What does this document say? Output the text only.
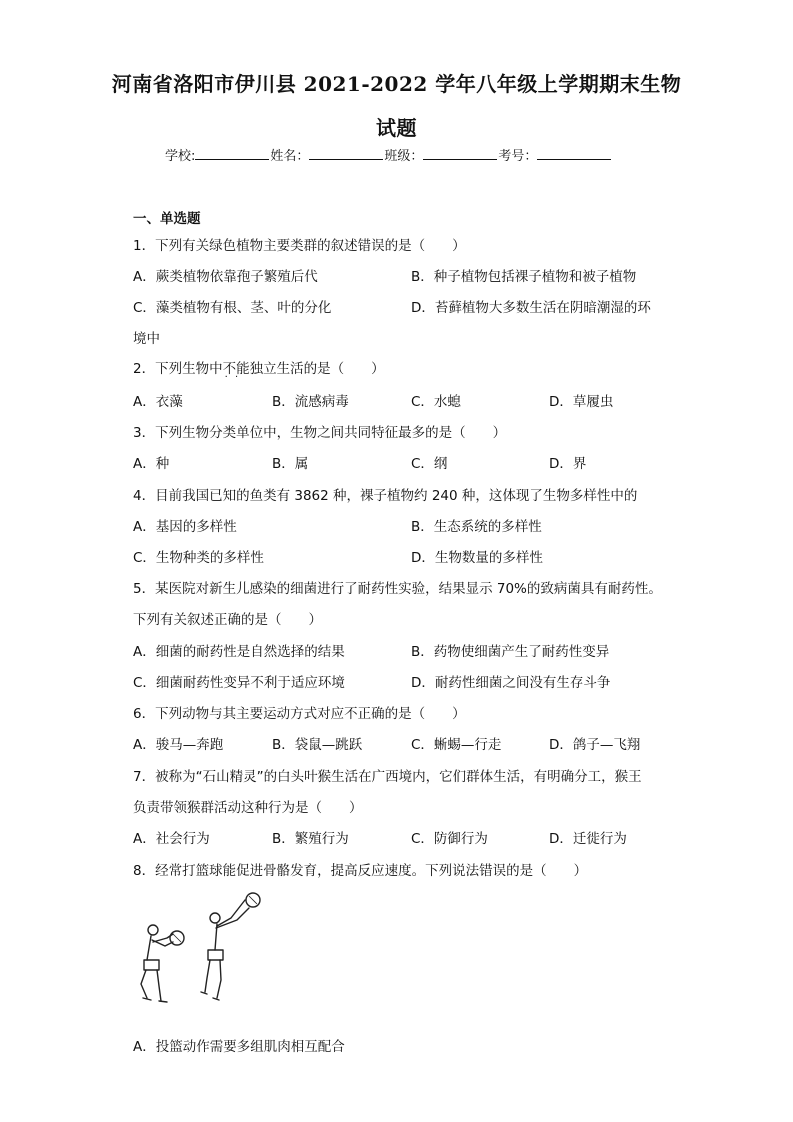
河南省洛阳市伊川县 2021-2022 学年八年级上学期期末生物
试题
学校:	姓名：	班级：	考号：
一、单选题
1．下列有关绿色植物主要类群的叙述错误的是（　　）
A．蕨类植物依靠孢子繁殖后代	B．种子植物包括裸子植物和被子植物
C．藻类植物有根、茎、叶的分化	D．苔藓植物大多数生活在阴暗潮湿的环
境中
2．下列生物中不能 · ·独立生活的是（　　）
A．衣藻	B．流感病毒	C．水螅	D．草履虫
3．下列生物分类单位中，生物之间共同特征最多的是（　　）
A．种	B．属	C．纲	D．界
4．目前我国已知的鱼类有 3862 种，裸子植物约 240 种，这体现了生物多样性中的
A．基因的多样性	B．生态系统的多样性
C．生物种类的多样性	D．生物数量的多样性
5．某医院对新生儿感染的细菌进行了耐药性实验，结果显示 70%的致病菌具有耐药性。
下列有关叙述正确的是（　　）
A．细菌的耐药性是自然选择的结果	B．药物使细菌产生了耐药性变异
C．细菌耐药性变异不利于适应环境	D．耐药性细菌之间没有生存斗争
6．下列动物与其主要运动方式对应不正确的是（　　）
A．骏马—奔跑	B．袋鼠—跳跃	C．蜥蜴—行走	D．鸽子—飞翔
7．被称为“石山精灵”的白头叶猴生活在广西境内，它们群体生活，有明确分工，猴王
负责带领猴群活动这种行为是（　　）
A．社会行为	B．繁殖行为	C．防御行为	D．迁徙行为
8．经常打篮球能促进骨骼发育，提高反应速度。下列说法错误的是（　　）
A．投篮动作需要多组肌肉相互配合
